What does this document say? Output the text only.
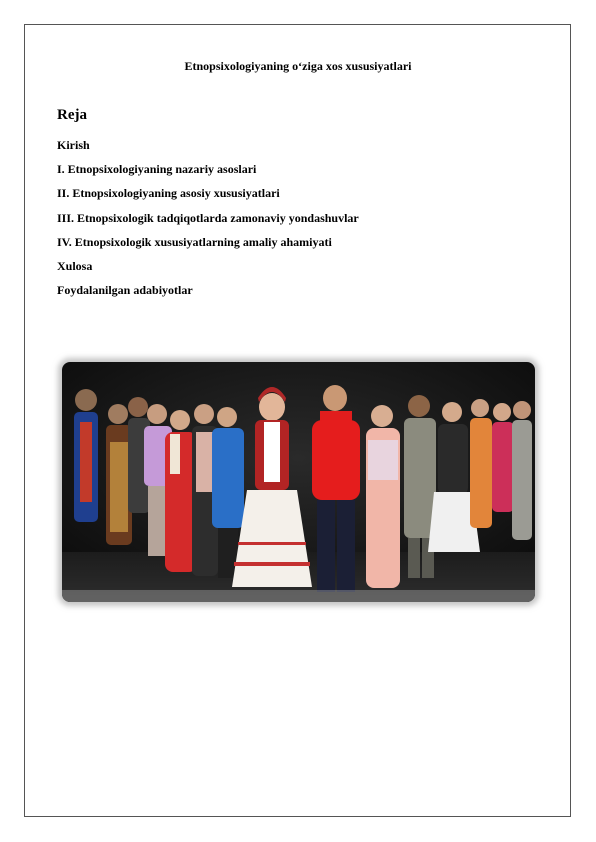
Etnopsixologiyaning o‘ziga xos xususiyatlari
Reja
Kirish
I. Etnopsixologiyaning nazariy asoslari
II. Etnopsixologiyaning asosiy xususiyatlari
III. Etnopsixologik tadqiqotlarda zamonaviy yondashuvlar
IV. Etnopsixologik xususiyatlarning amaliy ahamiyati
Xulosa
Foydalanilgan adabiyotlar
